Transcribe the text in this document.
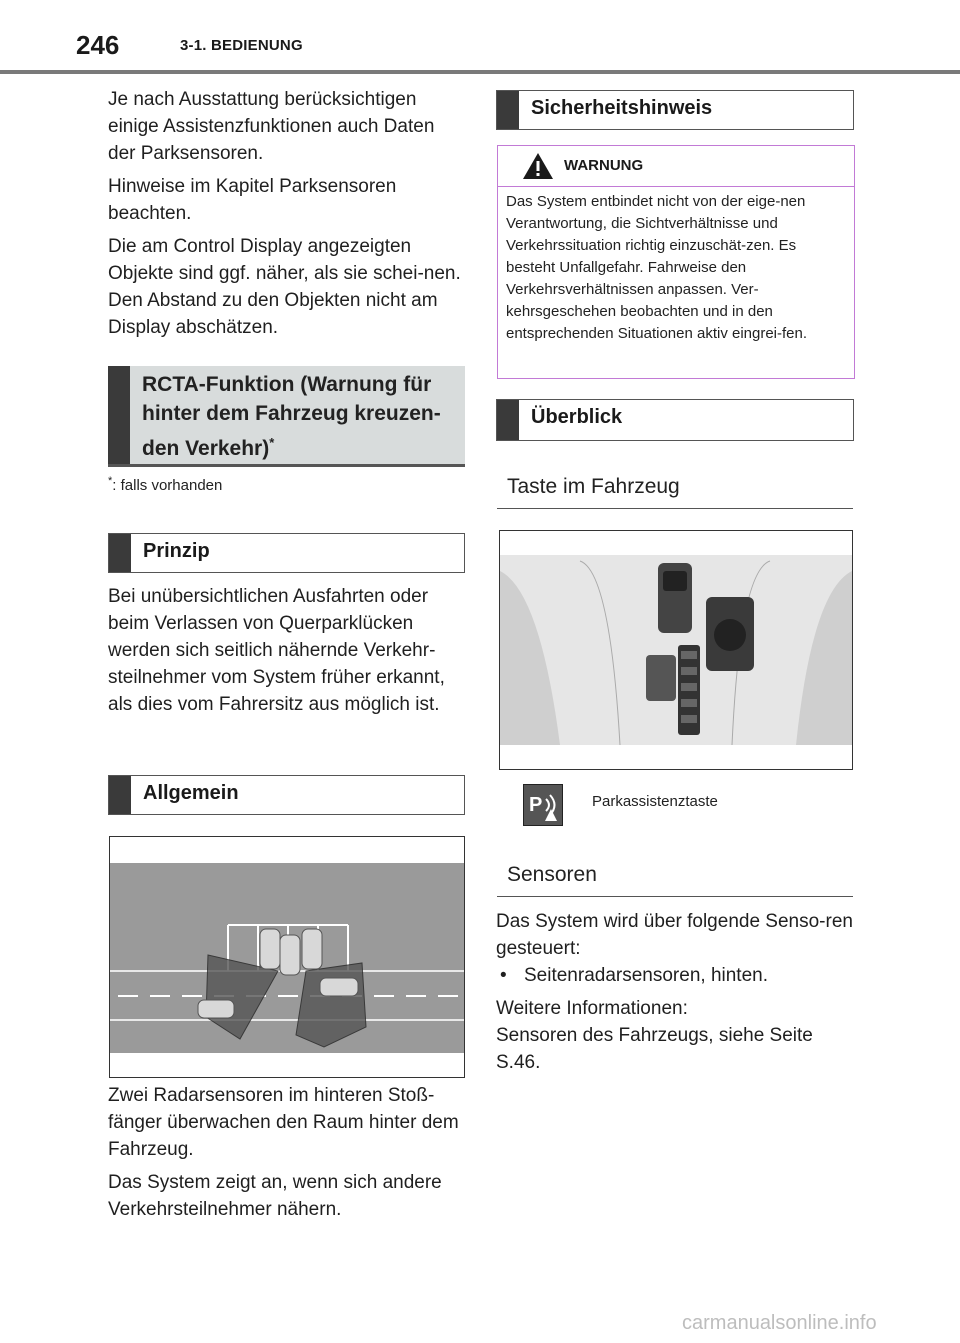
246	3-1. BEDIENUNG

Je nach Ausstattung berücksichtigen einige Assistenzfunktionen auch Daten der Parksensoren.

Hinweise im Kapitel Parksensoren beachten.

Die am Control Display angezeigten Objekte sind ggf. näher, als sie schei-nen. Den Abstand zu den Objekten nicht am Display abschätzen.

RCTA-Funktion (Warnung für hinter dem Fahrzeug kreuzen-den Verkehr)*
*: falls vorhanden
Prinzip

Bei unübersichtlichen Ausfahrten oder beim Verlassen von Querparklücken werden sich seitlich nähernde Verkehr-steilnehmer vom System früher erkannt, als dies vom Fahrersitz aus möglich ist.

Allgemein

Zwei Radarsensoren im hinteren Stoß-fänger überwachen den Raum hinter dem Fahrzeug.

Das System zeigt an, wenn sich andere Verkehrsteilnehmer nähern.

Sicherheitshinweis
WARNUNG
Das System entbindet nicht von der eige-nen Verantwortung, die Sichtverhältnisse und Verkehrssituation richtig einzuschät-zen. Es besteht Unfallgefahr. Fahrweise den Verkehrsverhältnissen anpassen. Ver-kehrsgeschehen beobachten und in den entsprechenden Situationen aktiv eingrei-fen.
Überblick
Taste im Fahrzeug
P	Parkassistenztaste
Sensoren

Das System wird über folgende Senso-ren gesteuert:

• Seitenradarsensoren, hinten.

Weitere Informationen:

Sensoren des Fahrzeugs, siehe Seite S.46.

carmanualsonline.info
